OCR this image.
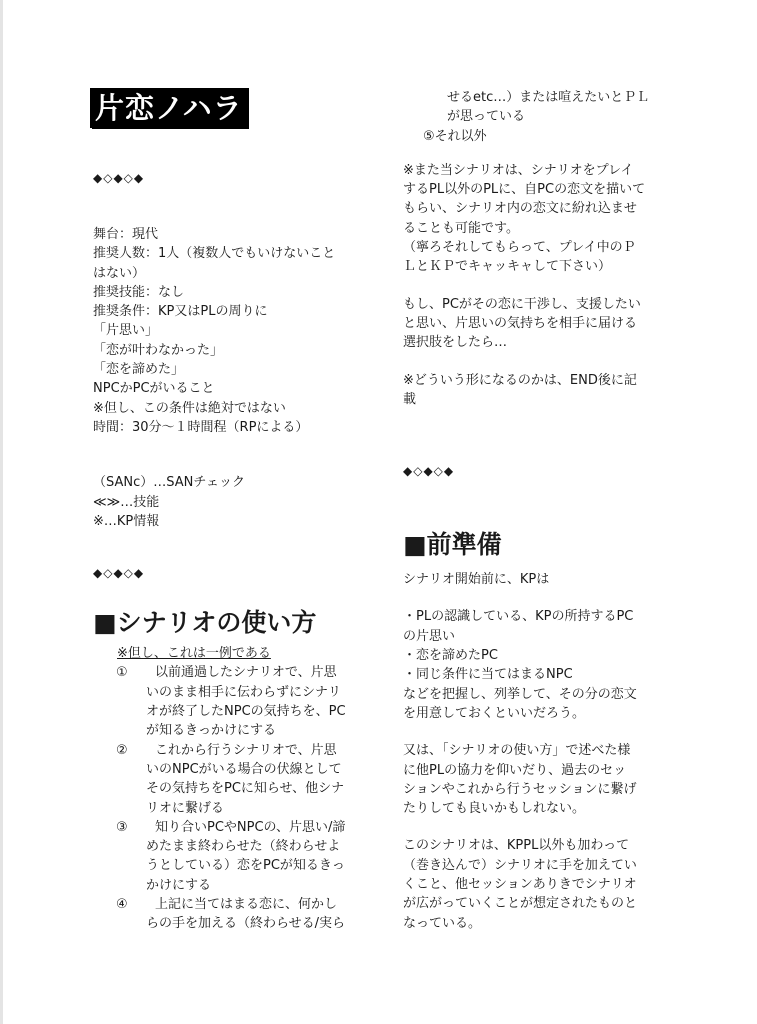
片恋ノハラ
◆◇◆◇◆
舞台：現代
推奨人数：1人（複数人でもいけないこと
はない）
推奨技能：なし
推奨条件：KP又はPLの周りに
「片思い」
「恋が叶わなかった」
「恋を諦めた」
NPCかPCがいること
※但し、この条件は絶対ではない
時間：30分～１時間程（RPによる）
（SANc）…SANチェック
≪≫…技能
※…KP情報
◆◇◆◇◆
■シナリオの使い方
※但し、これは一例である
①	以前通過したシナリオで、片思
いのまま相手に伝わらずにシナリ
オが終了したNPCの気持ちを、PC
が知るきっかけにする
②	これから行うシナリオで、片思
いのNPCがいる場合の伏線として
その気持ちをPCに知らせ、他シナ
リオに繋げる
③	知り合いPCやNPCの、片思い/諦
めたまま終わらせた（終わらせよ
うとしている）恋をPCが知るきっ
かけにする
④	上記に当てはまる恋に、何かし
らの手を加える（終わらせる/実ら
せるetc…）または喧えたいとＰＬ
が思っている
⑤それ以外
※また当シナリオは、シナリオをプレイ
するPL以外のPLに、自PCの恋文を描いて
もらい、シナリオ内の恋文に紛れ込ませ
ることも可能です。
（寧ろそれしてもらって、プレイ中のＰ
ＬとＫＰでキャッキャして下さい）
もし、PCがその恋に干渉し、支援したい
と思い、片思いの気持ちを相手に届ける
選択肢をしたら…
※どういう形になるのかは、END後に記
載
◆◇◆◇◆
■前準備
シナリオ開始前に、KPは
・PLの認識している、KPの所持するPC
の片思い
・恋を諦めたPC
・同じ条件に当てはまるNPC
などを把握し、列挙して、その分の恋文
を用意しておくといいだろう。
又は、「シナリオの使い方」で述べた様
に他PLの協力を仰いだり、過去のセッ
ションやこれから行うセッションに繋げ
たりしても良いかもしれない。
このシナリオは、KPPL以外も加わって
（巻き込んで）シナリオに手を加えてい
くこと、他セッションありきでシナリオ
が広がっていくことが想定されたものと
なっている。
